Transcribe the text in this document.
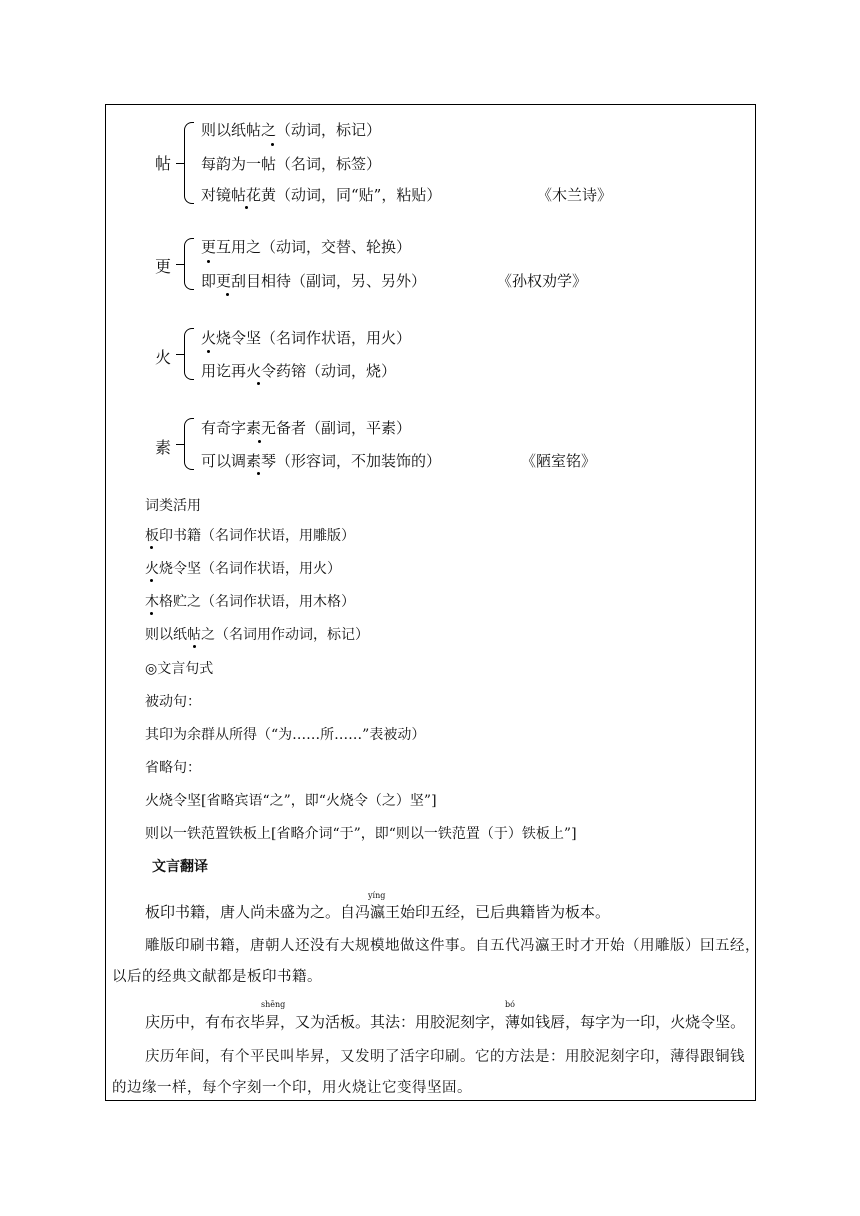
帖
则以纸帖之（动词，标记）
每韵为一帖（名词，标签）
对镜帖花黄（动词，同“贴”，粘贴）	《木兰诗》
更
更互用之（动词，交替、轮换）
即更刮目相待（副词，另、另外）	《孙权劝学》
火
火烧令坚（名词作状语，用火）
用讫再火令药镕（动词，烧）
素
有奇字素无备者（副词，平素）
可以调素琴（形容词，不加装饰的）	《陋室铭》
词类活用
板印书籍（名词作状语，用雕版）
火烧令坚（名词作状语，用火）
木格贮之（名词作状语，用木格）
则以纸帖之（名词用作动词，标记）
◎文言句式
被动句：
其印为余群从所得（“为……所……”表被动）
省略句：
火烧令坚[省略宾语“之”，即“火烧令（之）坚”]
则以一铁范置铁板上[省略介词“于”，即“则以一铁范置（于）铁板上”]
文言翻译
板印书籍，唐人尚未盛为之。自冯
yíng
瀛王始印五经，已后典籍皆为板本。
雕版印刷书籍，唐朝人还没有大规模地做这件事。自五代冯瀛王时才开始（用雕版）囙五经，
以后的经典文献都是板印书籍。
庆历中，有布衣毕
shēng
昇，又为活板。其法：用胶泥刻字，
bó
薄如钱唇，每字为一印，火烧令坚。
庆历年间，有个平民叫毕昇，又发明了活字印刷。它的方法是：用胶泥刻字印，薄得跟铜钱
的边缘一样，每个字刻一个印，用火烧让它变得坚固。
